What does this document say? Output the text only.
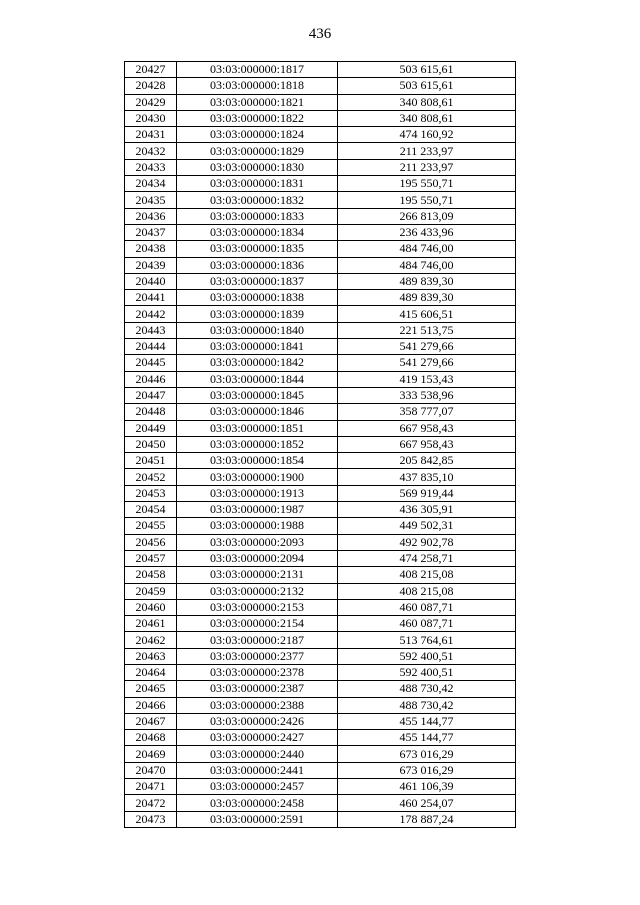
436
20427	03:03:000000:1817	503 615,61
20428	03:03:000000:1818	503 615,61
20429	03:03:000000:1821	340 808,61
20430	03:03:000000:1822	340 808,61
20431	03:03:000000:1824	474 160,92
20432	03:03:000000:1829	211 233,97
20433	03:03:000000:1830	211 233,97
20434	03:03:000000:1831	195 550,71
20435	03:03:000000:1832	195 550,71
20436	03:03:000000:1833	266 813,09
20437	03:03:000000:1834	236 433,96
20438	03:03:000000:1835	484 746,00
20439	03:03:000000:1836	484 746,00
20440	03:03:000000:1837	489 839,30
20441	03:03:000000:1838	489 839,30
20442	03:03:000000:1839	415 606,51
20443	03:03:000000:1840	221 513,75
20444	03:03:000000:1841	541 279,66
20445	03:03:000000:1842	541 279,66
20446	03:03:000000:1844	419 153,43
20447	03:03:000000:1845	333 538,96
20448	03:03:000000:1846	358 777,07
20449	03:03:000000:1851	667 958,43
20450	03:03:000000:1852	667 958,43
20451	03:03:000000:1854	205 842,85
20452	03:03:000000:1900	437 835,10
20453	03:03:000000:1913	569 919,44
20454	03:03:000000:1987	436 305,91
20455	03:03:000000:1988	449 502,31
20456	03:03:000000:2093	492 902,78
20457	03:03:000000:2094	474 258,71
20458	03:03:000000:2131	408 215,08
20459	03:03:000000:2132	408 215,08
20460	03:03:000000:2153	460 087,71
20461	03:03:000000:2154	460 087,71
20462	03:03:000000:2187	513 764,61
20463	03:03:000000:2377	592 400,51
20464	03:03:000000:2378	592 400,51
20465	03:03:000000:2387	488 730,42
20466	03:03:000000:2388	488 730,42
20467	03:03:000000:2426	455 144,77
20468	03:03:000000:2427	455 144,77
20469	03:03:000000:2440	673 016,29
20470	03:03:000000:2441	673 016,29
20471	03:03:000000:2457	461 106,39
20472	03:03:000000:2458	460 254,07
20473	03:03:000000:2591	178 887,24
